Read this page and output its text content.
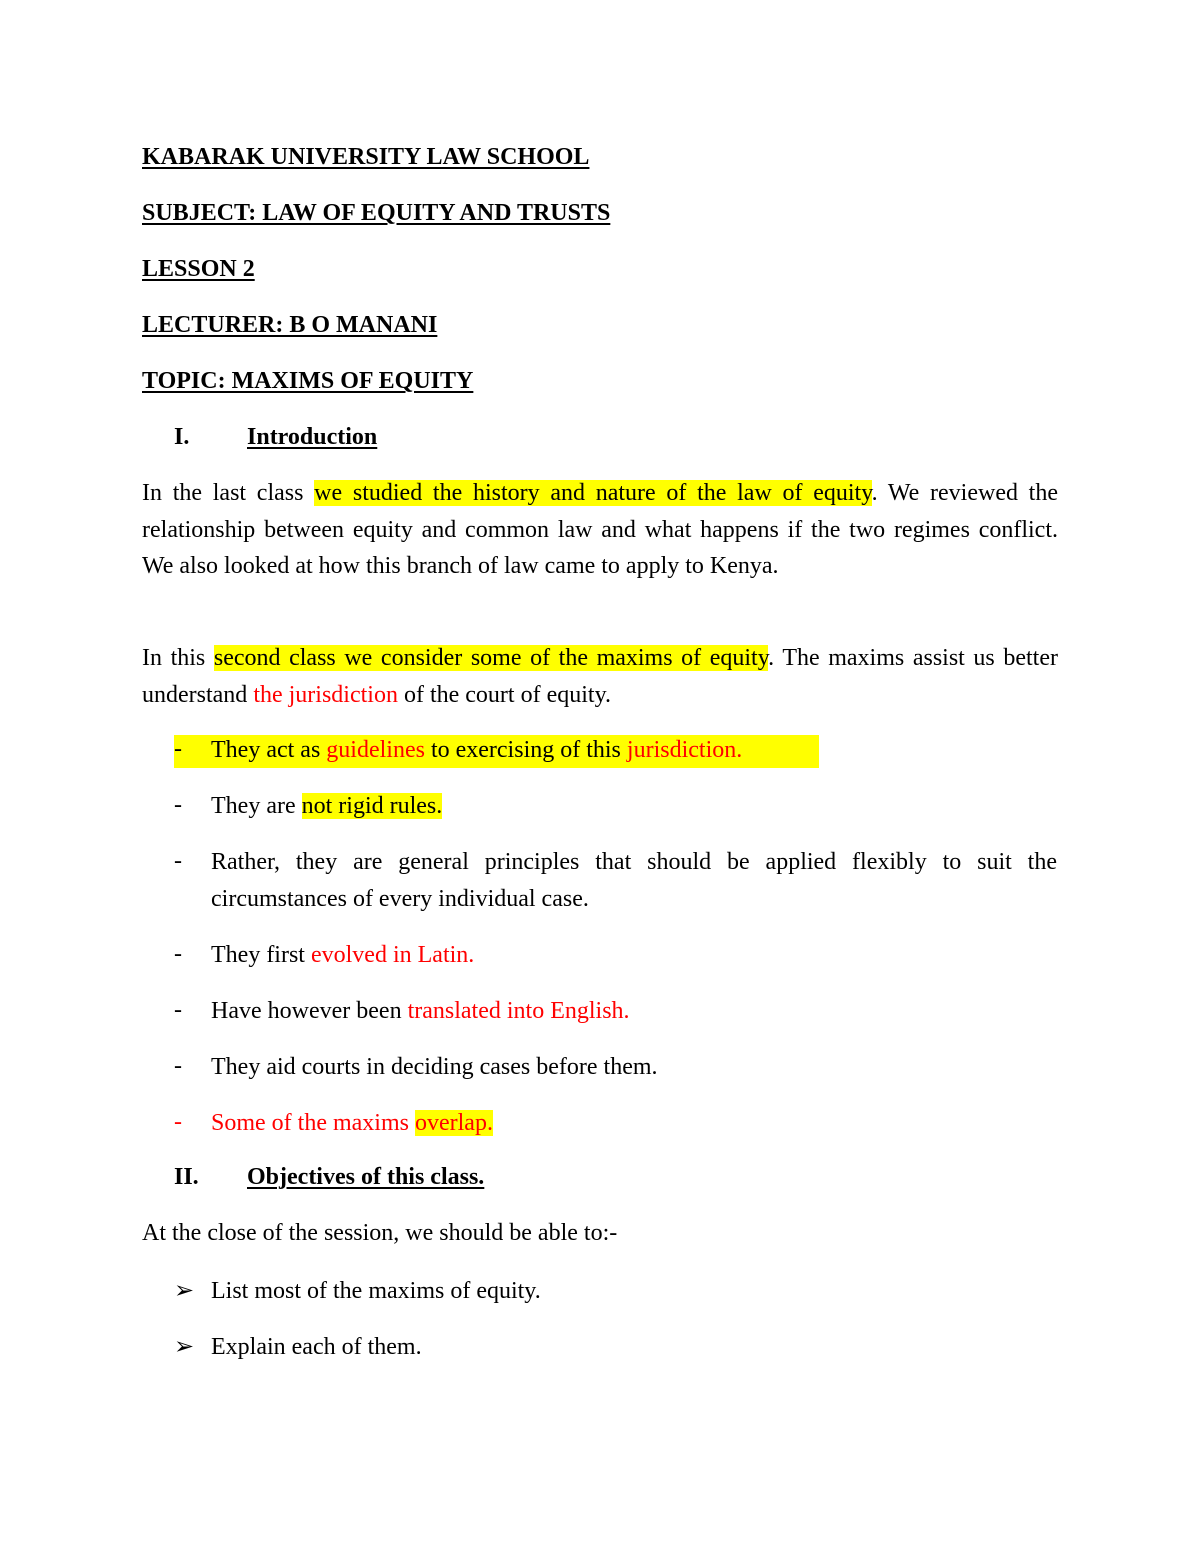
KABARAK UNIVERSITY LAW SCHOOL
SUBJECT: LAW OF EQUITY AND TRUSTS
LESSON 2
LECTURER: B O MANANI
TOPIC: MAXIMS OF EQUITY
I. Introduction
In the last class we studied the history and nature of the law of equity. We reviewed the relationship between equity and common law and what happens if the two regimes conflict. We also looked at how this branch of law came to apply to Kenya.
In this second class we consider some of the maxims of equity. The maxims assist us better understand the jurisdiction of the court of equity.
- They act as guidelines to exercising of this jurisdiction.
- They are not rigid rules.
- Rather, they are general principles that should be applied flexibly to suit the circumstances of every individual case.
- They first evolved in Latin.
- Have however been translated into English.
- They aid courts in deciding cases before them.
- Some of the maxims overlap.
II. Objectives of this class.
At the close of the session, we should be able to:-
➢ List most of the maxims of equity.
➢ Explain each of them.
